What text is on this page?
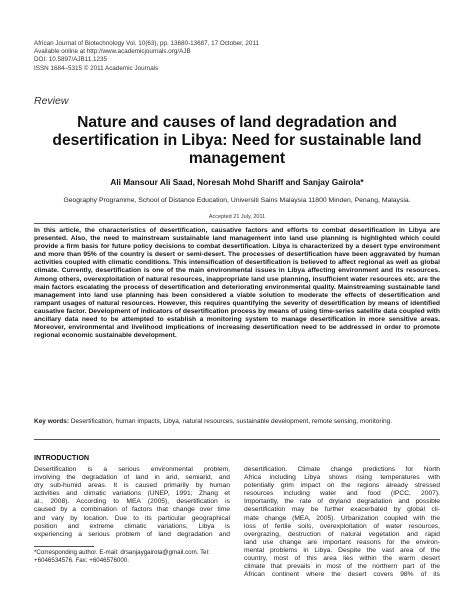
African Journal of Biotechnology Vol. 10(63), pp. 13680-13687, 17 October, 2011
Available online at http://www.academicjournals.org/AJB
DOI: 10.5897/AJB11.1235
ISSN 1684–5315 © 2011 Academic Journals
Review
Nature and causes of land degradation and
desertification in Libya: Need for sustainable land
management
Ali Mansour Ali Saad, Noresah Mohd Shariff and Sanjay Gairola*
Geography Programme, School of Distance Education, Universiti Sains Malaysia 11800 Minden, Penang, Malaysia.
Accepted 21 July, 2011
In this article, the characteristics of desertification, causative factors and efforts to combat desertification in Libya are presented. Also, the need to mainstream sustainable land management into land use planning is highlighted which could provide a firm basis for future policy decisions to combat desertification. Libya is characterized by a desert type environment and more than 95% of the country is desert or semi-desert. The processes of desertification have been aggravated by human activities coupled with climatic conditions. This intensification of desertification is believed to affect regional as well as global climate. Currently, desertification is one of the main environmental issues in Libya affecting environment and its resources. Among others, overexploitation of natural resources, inappropriate land use planning, insufficient water resources etc. are the main factors escalating the process of desertification and deteriorating environmental quality. Mainstreaming sustainable land management into land use planning has been considered a viable solution to moderate the effects of desertification and rampant usages of natural resources. However, this requires quantifying the severity of desertification by means of identified causative factor. Development of indicators of desertification process by means of using time-series satellite data coupled with ancillary data need to be attempted to establish a monitoring system to manage desertification in more sensitive areas. Moreover, environmental and livelihood implications of increasing desertification need to be addressed in order to promote regional economic sustainable development.
Key words: Desertification, human impacts, Libya, natural resources, sustainable development, remote sensing, monitoring.
INTRODUCTION
Desertification is a serious environmental problem,
involving the degradation of land in arid, semiarid, and
dry sub-humid areas. It is caused primarily by human
activities and climatic variations (UNEP, 1991; Zhang et
al., 2008). According to MEA (2005), desertification is
caused by a combination of factors that change over time
and vary by location. Due to its particular geographical
position and extreme climatic variations, Libya is
experiencing a serious problem of land degradation and
desertification. Climate change predictions for North
Africa including Libya shows rising temperatures with
potentially grim impact on the regions already stressed
resources including water and food (IPCC, 2007).
Importantly, the rate of dryland degradation and possible
desertification may be further exacerbated by global cli-
mate change (MEA, 2005). Urbanization coupled with the
loss of fertile soils, overexploitation of water resources,
overgrazing, destruction of natural vegetation and rapid
land use change are important reasons for the environ-
mental problems in Libya. Despite the vast area of the
country, most of this area lies within the warm desert
climate that prevails in most of the northern part of the
African continent where the desert covers 98% of its
*Corresponding author. E-mail: drsanjaygairola@gmail.com. Tel:
+6046534576. Fax: +6046576000.
